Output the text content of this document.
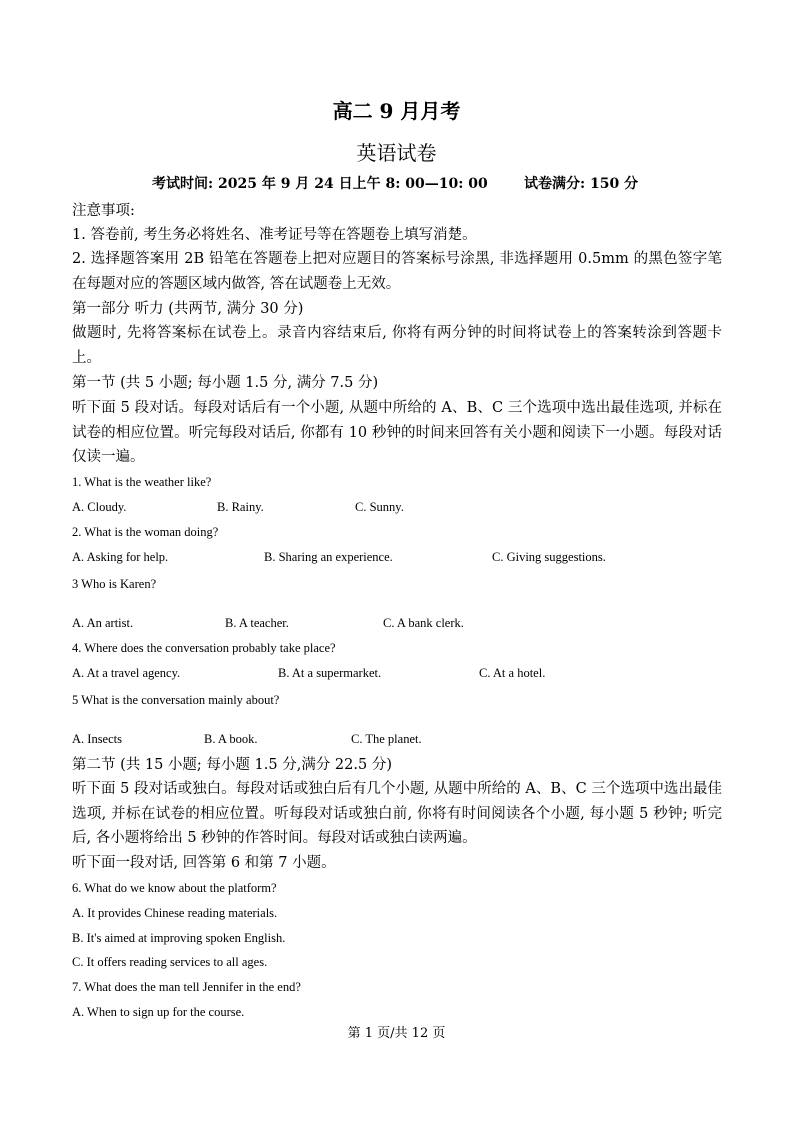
高二 9 月月考
英语试卷
考试时间: 2025 年 9 月 24 日上午 8: 00—10: 00	试卷满分: 150 分
注意事项:
1. 答卷前, 考生务必将姓名、准考证号等在答题卷上填写消楚。
2. 选择题答案用 2B 铅笔在答题卷上把对应题目的答案标号涂黑, 非选择题用 0.5mm 的黑色签字笔在每题对应的答题区域内做答, 答在试题卷上无效。
第一部分 听力 (共两节, 满分 30 分)
做题时, 先将答案标在试卷上。录音内容结束后, 你将有两分钟的时间将试卷上的答案转涂到答题卡上。
第一节 (共 5 小题; 每小题 1.5 分, 满分 7.5 分)
听下面 5 段对话。每段对话后有一个小题, 从题中所给的 A、B、C 三个选项中选出最佳选项, 并标在试卷的相应位置。听完每段对话后, 你都有 10 秒钟的时间来回答有关小题和阅读下一小题。每段对话仅读一遍。
1. What is the weather like?
A. Cloudy.	B. Rainy.	C. Sunny.
2. What is the woman doing?
A. Asking for help.	B. Sharing an experience.	C. Giving suggestions.
3 Who is Karen?
A. An artist.	B. A teacher.	C. A bank clerk.
4. Where does the conversation probably take place?
A. At a travel agency.	B. At a supermarket.	C. At a hotel.
5 What is the conversation mainly about?
A. Insects	B. A book.	C. The planet.
第二节 (共 15 小题; 每小题 1.5 分,满分 22.5 分)
听下面 5 段对话或独白。每段对话或独白后有几个小题, 从题中所给的 A、B、C 三个选项中选出最佳选项, 并标在试卷的相应位置。听每段对话或独白前, 你将有时间阅读各个小题, 每小题 5 秒钟; 听完后, 各小题将给出 5 秒钟的作答时间。每段对话或独白读两遍。
听下面一段对话, 回答第 6 和第 7 小题。
6. What do we know about the platform?
A. It provides Chinese reading materials.
B. It's aimed at improving spoken English.
C. It offers reading services to all ages.
7. What does the man tell Jennifer in the end?
A. When to sign up for the course.
第 1 页/共 12 页
